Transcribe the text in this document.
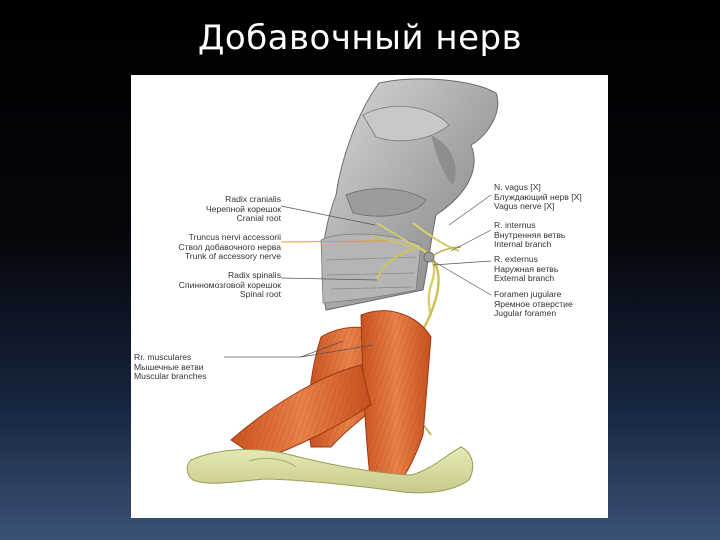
Добавочный нерв
Radix cranialis
Черепной корешок
Cranial root
Truncus nervi accessorii
Ствол добавочного нерва
Trunk of accessory nerve
Radix spinalis
Спинномозговой корешок
Spinal root
Rr. musculares
Мышечные ветви
Muscular branches
N. vagus [X]
Блуждающий нерв [X]
Vagus nerve [X]
R. internus
Внутренняя ветвь
Internal branch
R. externus
Наружная ветвь
External branch
Foramen jugulare
Яремное отверстие
Jugular foramen
